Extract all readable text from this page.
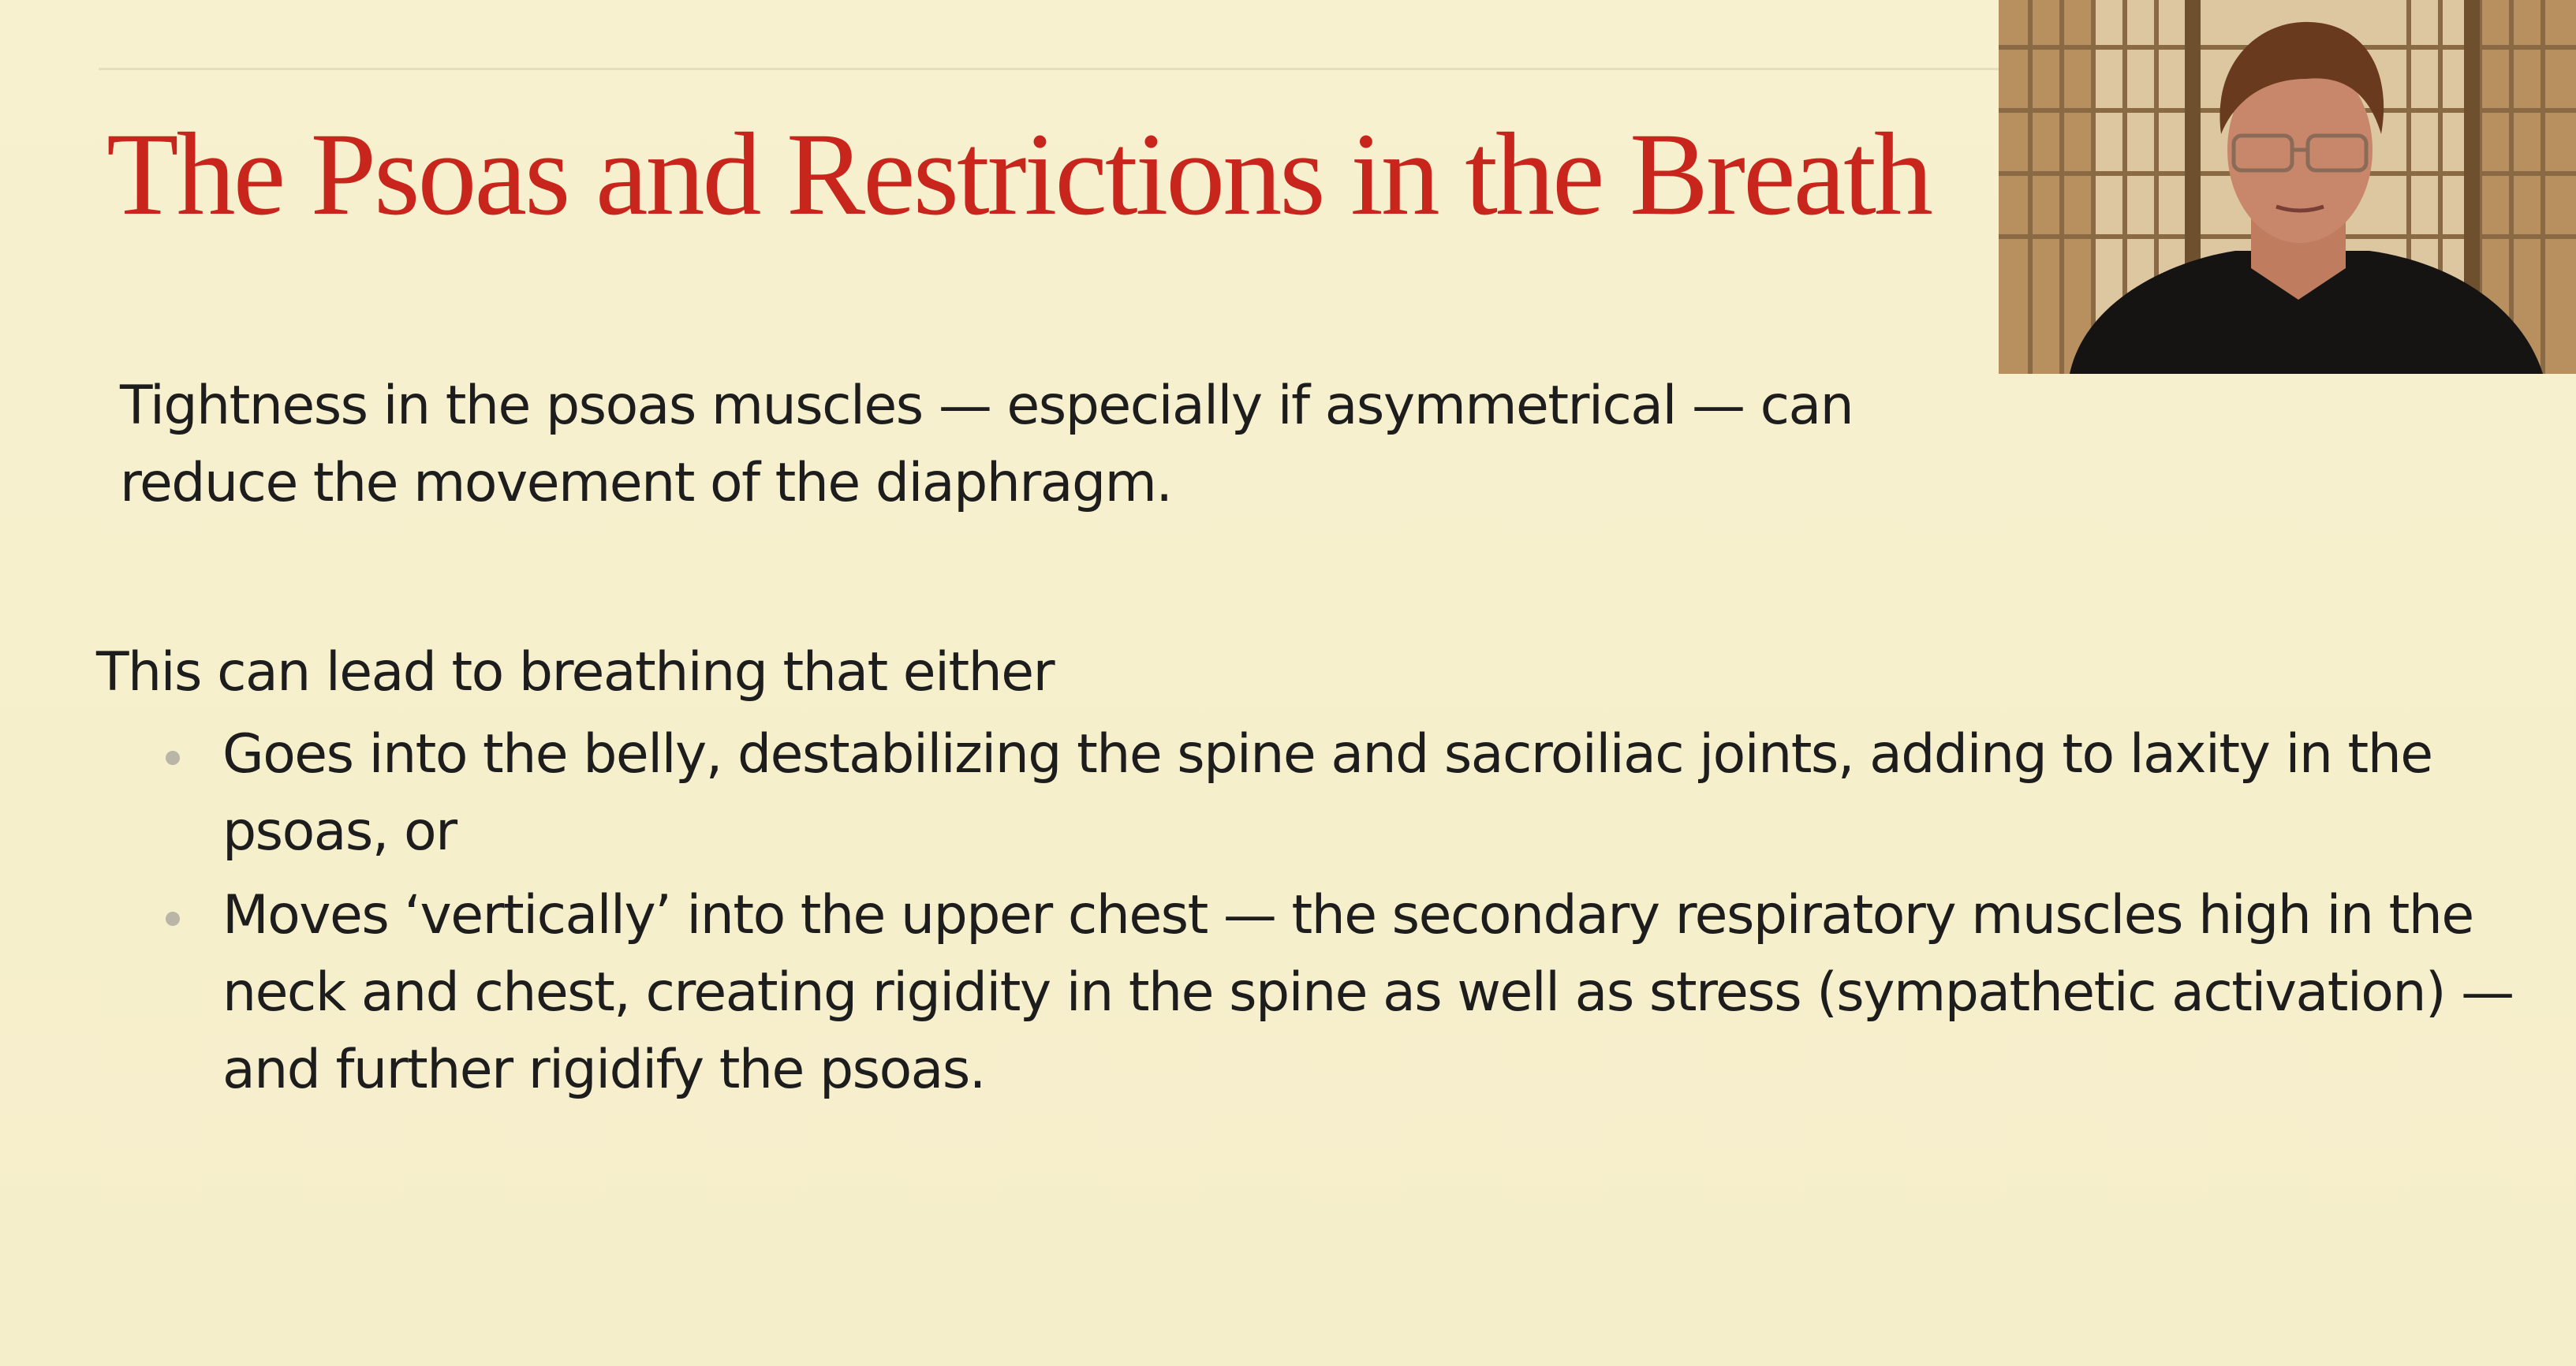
The Psoas and Restrictions in the Breath

Tightness in the psoas muscles — especially if asymmetrical — can reduce the movement of the diaphragm.

This can lead to breathing that either

Goes into the belly, destabilizing the spine and sacroiliac joints, adding to laxity in the psoas, or
Moves ‘vertically’ into the upper chest — the secondary respiratory muscles high in the neck and chest, creating rigidity in the spine as well as stress (sympathetic activation) — and further rigidify the psoas.
